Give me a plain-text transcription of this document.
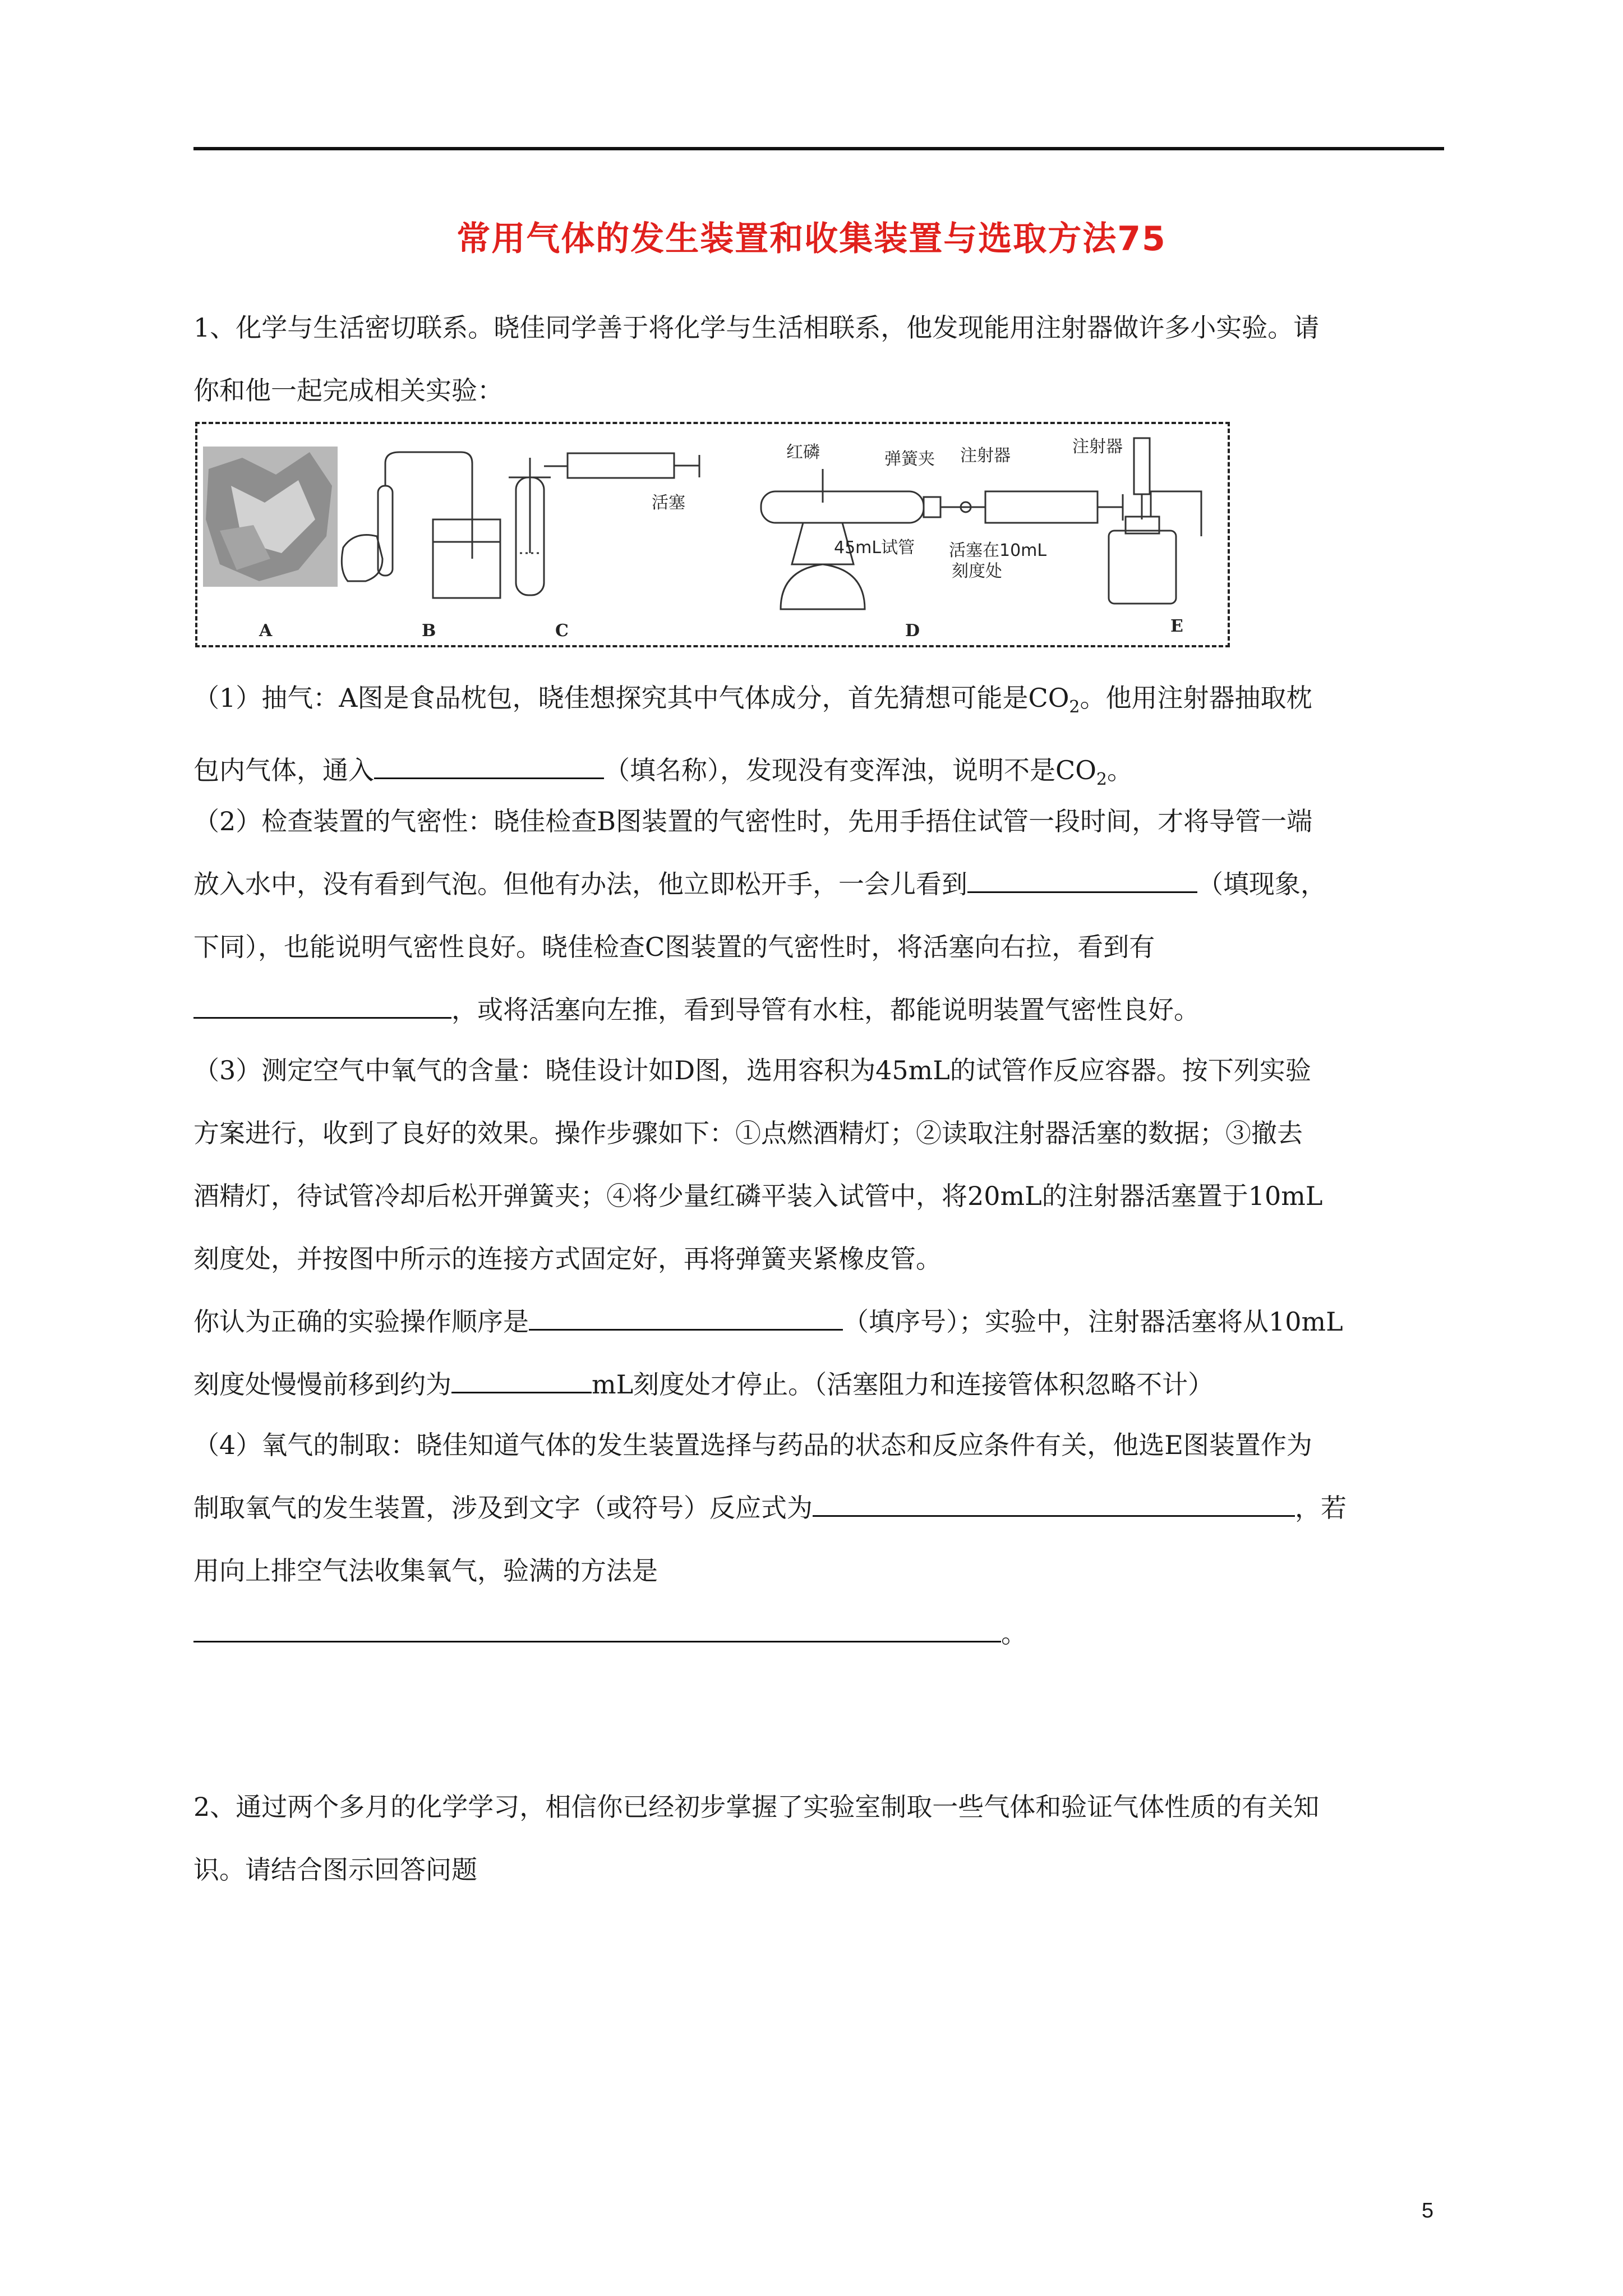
常用气体的发生装置和收集装置与选取方法75
1、化学与生活密切联系。晓佳同学善于将化学与生活相联系，他发现能用注射器做许多小实验。请
你和他一起完成相关实验：
活塞
红磷	弹簧夹 注射器
45mL试管 活塞在10mL
刻度处
注射器
A	B	C	D	E
（1）抽气：A图是食品枕包，晓佳想探究其中气体成分，首先猜想可能是$CO_2$。他用注射器抽取枕
包内气体，通入	（填名称），发现没有变浑浊，说明不是$CO_2$。
（2）检查装置的气密性：晓佳检查B图装置的气密性时，先用手捂住试管一段时间，才将导管一端
放入水中，没有看到气泡。但他有办法，他立即松开手，一会儿看到	（填现象，
下同），也能说明气密性良好。晓佳检查C图装置的气密性时，将活塞向右拉，看到有
，或将活塞向左推，看到导管有水柱，都能说明装置气密性良好。
（3）测定空气中氧气的含量：晓佳设计如D图，选用容积为45mL的试管作反应容器。按下列实验
方案进行，收到了良好的效果。操作步骤如下：①点燃酒精灯；②读取注射器活塞的数据；③撤去
酒精灯，待试管冷却后松开弹簧夹；④将少量红磷平装入试管中，将20mL的注射器活塞置于10mL
刻度处，并按图中所示的连接方式固定好，再将弹簧夹紧橡皮管。
你认为正确的实验操作顺序是	（填序号）；实验中，注射器活塞将从10mL
刻度处慢慢前移到约为	mL刻度处才停止。（活塞阻力和连接管体积忽略不计）
（4）氧气的制取：晓佳知道气体的发生装置选择与药品的状态和反应条件有关，他选E图装置作为
制取氧气的发生装置，涉及到文字（或符号）反应式为	，若
用向上排空气法收集氧气，验满的方法是
。
2、通过两个多月的化学学习，相信你已经初步掌握了实验室制取一些气体和验证气体性质的有关知
识。请结合图示回答问题
5
